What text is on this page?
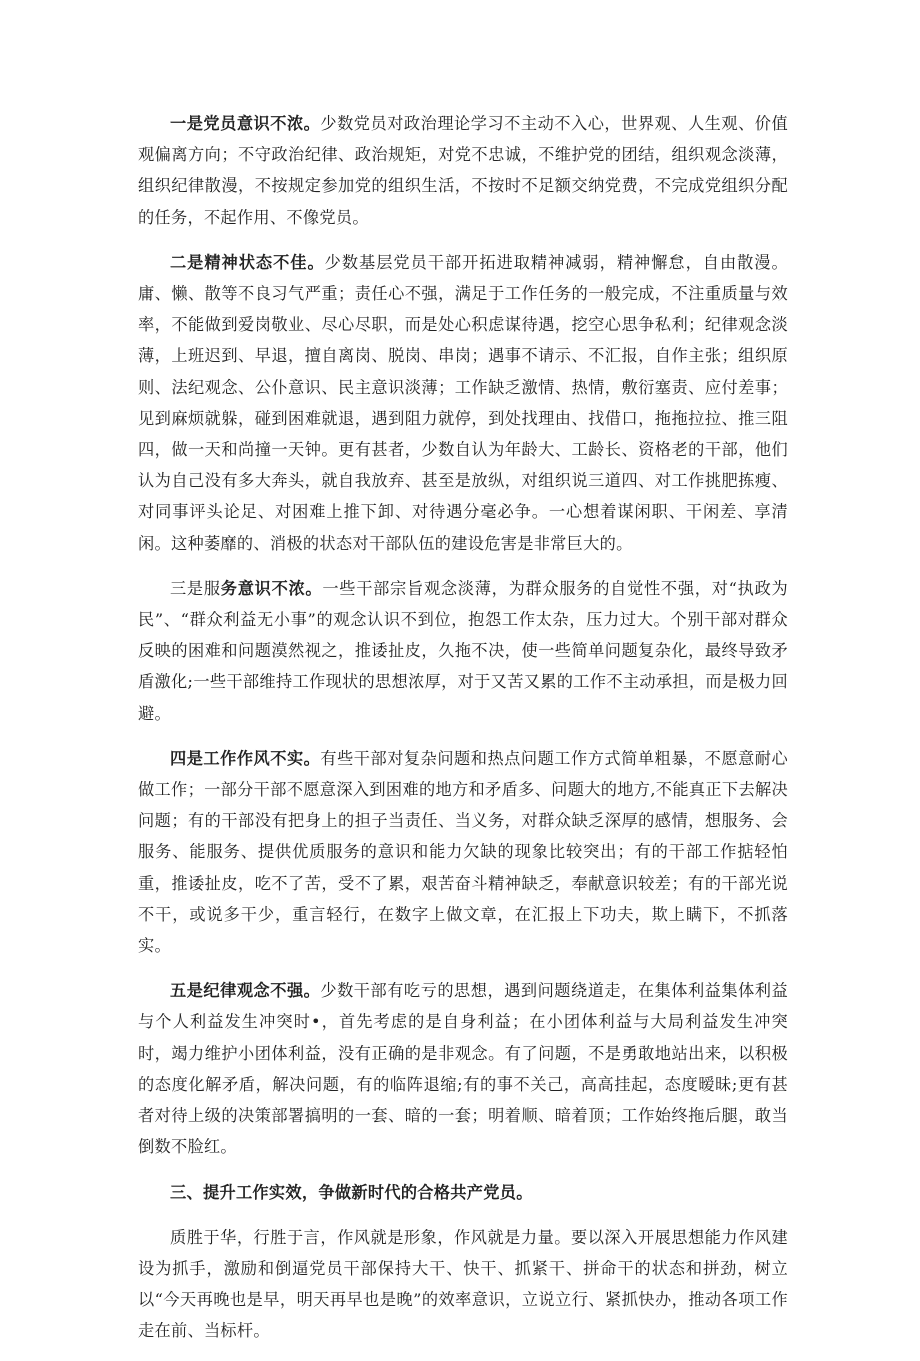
一是党员意识不浓。少数党员对政治理论学习不主动不入心，世界观、人生观、价值观偏离方向；不守政治纪律、政治规矩，对党不忠诚，不维护党的团结，组织观念淡薄，组织纪律散漫，不按规定参加党的组织生活，不按时不足额交纳党费，不完成党组织分配的任务，不起作用、不像党员。

二是精神状态不佳。少数基层党员干部开拓进取精神减弱，精神懈怠，自由散漫。庸、懒、散等不良习气严重；责任心不强，满足于工作任务的一般完成，不注重质量与效率，不能做到爱岗敬业、尽心尽职，而是处心积虑谋待遇，挖空心思争私利；纪律观念淡薄，上班迟到、早退，擅自离岗、脱岗、串岗；遇事不请示、不汇报，自作主张；组织原则、法纪观念、公仆意识、民主意识淡薄；工作缺乏激情、热情，敷衍塞责、应付差事；见到麻烦就躲，碰到困难就退，遇到阻力就停，到处找理由、找借口，拖拖拉拉、推三阻四，做一天和尚撞一天钟。更有甚者，少数自认为年龄大、工龄长、资格老的干部，他们认为自己没有多大奔头，就自我放弃、甚至是放纵，对组织说三道四、对工作挑肥拣瘦、对同事评头论足、对困难上推下卸、对待遇分毫必争。一心想着谋闲职、干闲差、享清闲。这种萎靡的、消极的状态对干部队伍的建设危害是非常巨大的。

三是服务意识不浓。一些干部宗旨观念淡薄，为群众服务的自觉性不强，对“执政为民”、“群众利益无小事”的观念认识不到位，抱怨工作太杂，压力过大。个别干部对群众反映的困难和问题漠然视之，推诿扯皮，久拖不决，使一些简单问题复杂化，最终导致矛盾激化;一些干部维持工作现状的思想浓厚，对于又苦又累的工作不主动承担，而是极力回避。

四是工作作风不实。有些干部对复杂问题和热点问题工作方式简单粗暴，不愿意耐心做工作；一部分干部不愿意深入到困难的地方和矛盾多、问题大的地方,不能真正下去解决问题；有的干部没有把身上的担子当责任、当义务，对群众缺乏深厚的感情，想服务、会服务、能服务、提供优质服务的意识和能力欠缺的现象比较突出；有的干部工作掂轻怕重，推诿扯皮，吃不了苦，受不了累，艰苦奋斗精神缺乏，奉献意识较差；有的干部光说不干，或说多干少，重言轻行，在数字上做文章，在汇报上下功夫，欺上瞒下，不抓落实。

五是纪律观念不强。少数干部有吃亏的思想，遇到问题绕道走，在集体利益集体利益与个人利益发生冲突时•，首先考虑的是自身利益；在小团体利益与大局利益发生冲突时，竭力维护小团体利益，没有正确的是非观念。有了问题，不是勇敢地站出来，以积极的态度化解矛盾，解决问题，有的临阵退缩;有的事不关己，高高挂起，态度暧昧;更有甚者对待上级的决策部署搞明的一套、暗的一套；明着顺、暗着顶；工作始终拖后腿，敢当倒数不脸红。

三、提升工作实效，争做新时代的合格共产党员。

质胜于华，行胜于言，作风就是形象，作风就是力量。要以深入开展思想能力作风建设为抓手，激励和倒逼党员干部保持大干、快干、抓紧干、拼命干的状态和拼劲，树立以“今天再晚也是早，明天再早也是晚”的效率意识，立说立行、紧抓快办，推动各项工作走在前、当标杆。
